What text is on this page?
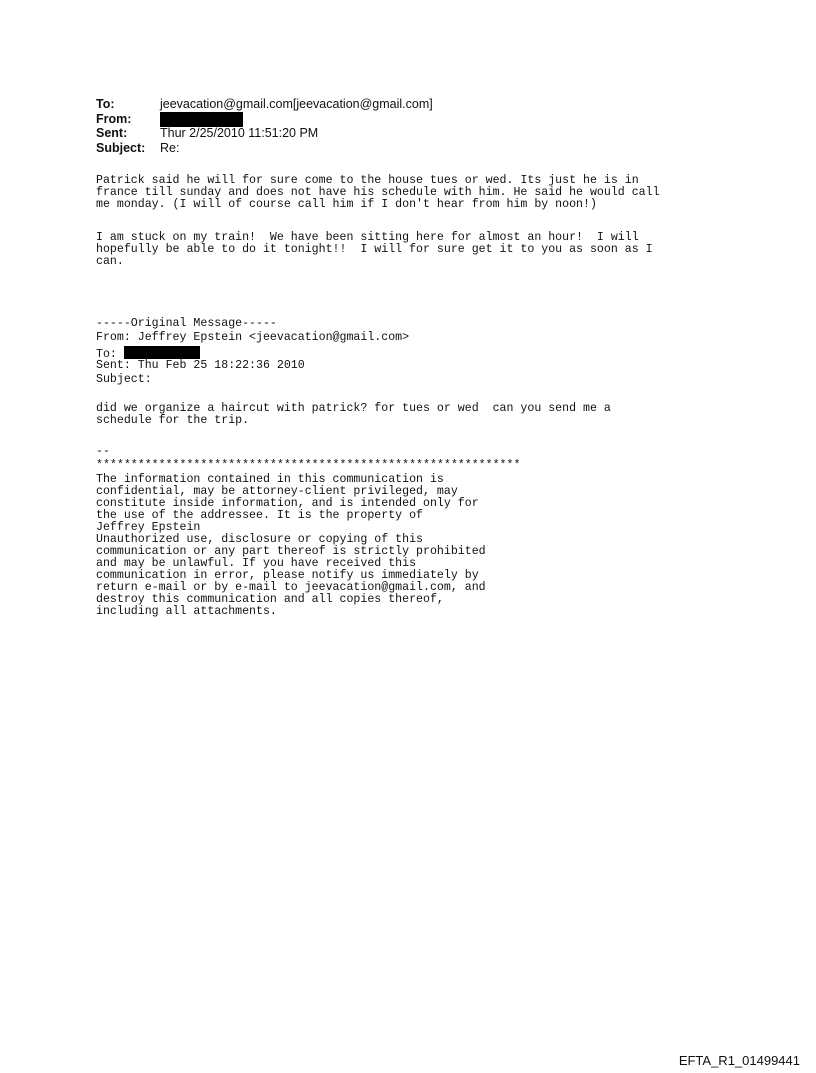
To:	jeevacation@gmail.com[jeevacation@gmail.com]
From:
Sent:	Thur 2/25/2010 11:51:20 PM
Subject:	Re:

Patrick said he will for sure come to the house tues or wed. Its just he is in
france till sunday and does not have his schedule with him. He said he would call
me monday. (I will of course call him if I don't hear from him by noon!)

I am stuck on my train!  We have been sitting here for almost an hour!  I will
hopefully be able to do it tonight!!  I will for sure get it to you as soon as I
can.

-----Original Message-----

From: Jeffrey Epstein <jeevacation@gmail.com>

To:

Sent: Thu Feb 25 18:22:36 2010

Subject:

did we organize a haircut with patrick? for tues or wed  can you send me a
schedule for the trip.

--

*************************************************************

The information contained in this communication is
confidential, may be attorney-client privileged, may
constitute inside information, and is intended only for
the use of the addressee. It is the property of
Jeffrey Epstein
Unauthorized use, disclosure or copying of this
communication or any part thereof is strictly prohibited
and may be unlawful. If you have received this
communication in error, please notify us immediately by
return e-mail or by e-mail to jeevacation@gmail.com, and
destroy this communication and all copies thereof,
including all attachments.

EFTA_R1_01499441
